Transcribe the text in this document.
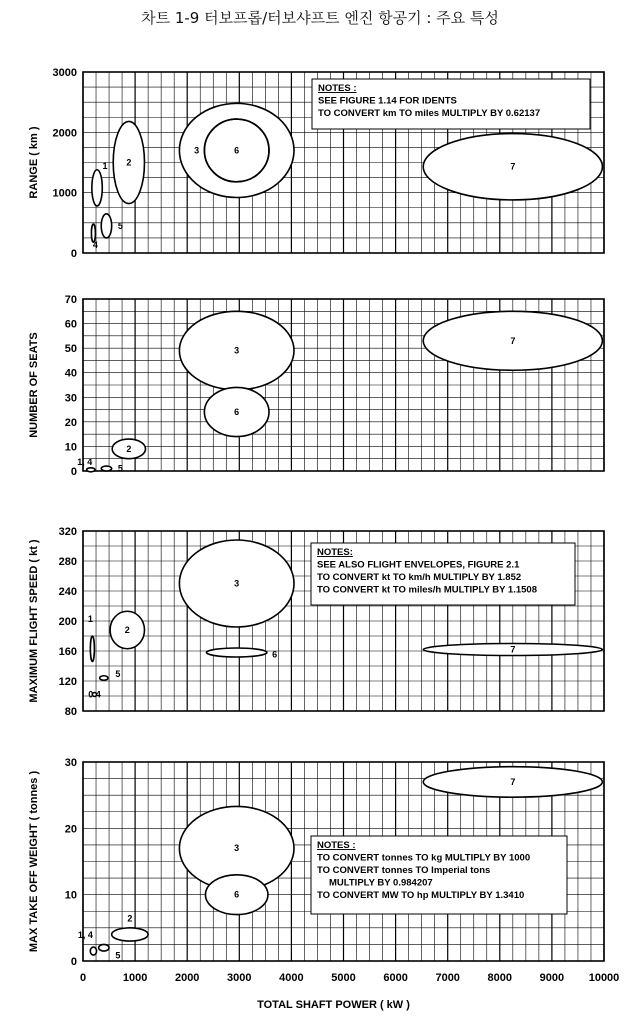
차트 1-9 터보프롭/터보샤프트 엔진 항공기 : 주요 특성
0
1000
2000
3000
RANGE ( km )	1 2
3	6
5
4
7
NOTES :
SEE FIGURE 1.14 FOR IDENTS
TO CONVERT km TO miles MULTIPLY BY 0.62137
0
10
20
30
40
50
60
70
NUMBER OF SEATS	3
6
7
2
5
1, 4
80
120
160
200
240
280
320
MAXIMUM FLIGHT SPEED ( kt )	3
6	7
2
1
5
0 4
NOTES:
SEE ALSO FLIGHT ENVELOPES, FIGURE 2.1
TO CONVERT kt TO km/h MULTIPLY BY 1.852
TO CONVERT kt TO miles/h MULTIPLY BY 1.1508
0
10
20
30
MAX TAKE OFF WEIGHT ( tonnes )	3
6
7
2
5
1, 4
NOTES :
TO CONVERT tonnes TO kg MULTIPLY BY 1000
TO CONVERT tonnes TO Imperial tons
MULTIPLY BY 0.984207
TO CONVERT MW TO hp MULTIPLY BY 1.3410
0	1000	2000	3000	4000	5000	6000	7000	8000	9000 10000
TOTAL SHAFT POWER ( kW )
